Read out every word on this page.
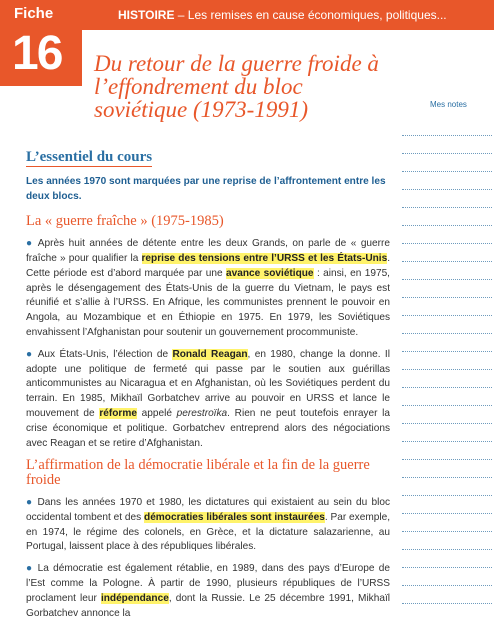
Fiche
16
HISTOIRE – Les remises en cause économiques, politiques...
Du retour de la guerre froide à l’effondrement du bloc soviétique (1973-1991)	Mes notes
L’essentiel du cours
Les années 1970 sont marquées par une reprise de l’affrontement entre les deux blocs.
La « guerre fraîche » (1975-1985)

● Après huit années de détente entre les deux Grands, on parle de « guerre fraîche » pour qualifier la reprise des tensions entre l’URSS et les États-Unis. Cette période est d’abord marquée par une avance soviétique : ainsi, en 1975, après le désengagement des États-Unis de la guerre du Vietnam, le pays est réunifié et s’allie à l’URSS. En Afrique, les communistes prennent le pouvoir en Angola, au Mozambique et en Éthiopie en 1975. En 1979, les Soviétiques envahissent l’Afghanistan pour soutenir un gouvernement procommuniste.

● Aux États-Unis, l’élection de Ronald Reagan, en 1980, change la donne. Il adopte une politique de fermeté qui passe par le soutien aux guérillas anticommunistes au Nicaragua et en Afghanistan, où les Soviétiques perdent du terrain. En 1985, Mikhaïl Gorbatchev arrive au pouvoir en URSS et lance le mouvement de réforme appelé perestroïka. Rien ne peut toutefois enrayer la crise économique et politique. Gorbatchev entreprend alors des négociations avec Reagan et se retire d’Afghanistan.

L’affirmation de la démocratie libérale et la fin de la guerre froide

● Dans les années 1970 et 1980, les dictatures qui existaient au sein du bloc occidental tombent et des démocraties libérales sont instaurées. Par exemple, en 1974, le régime des colonels, en Grèce, et la dictature salazarienne, au Portugal, laissent place à des républiques libérales.

● La démocratie est également rétablie, en 1989, dans des pays d’Europe de l’Est comme la Pologne. À partir de 1990, plusieurs républiques de l’URSS proclament leur indépendance, dont la Russie. Le 25 décembre 1991, Mikhaïl Gorbatchev annonce la
